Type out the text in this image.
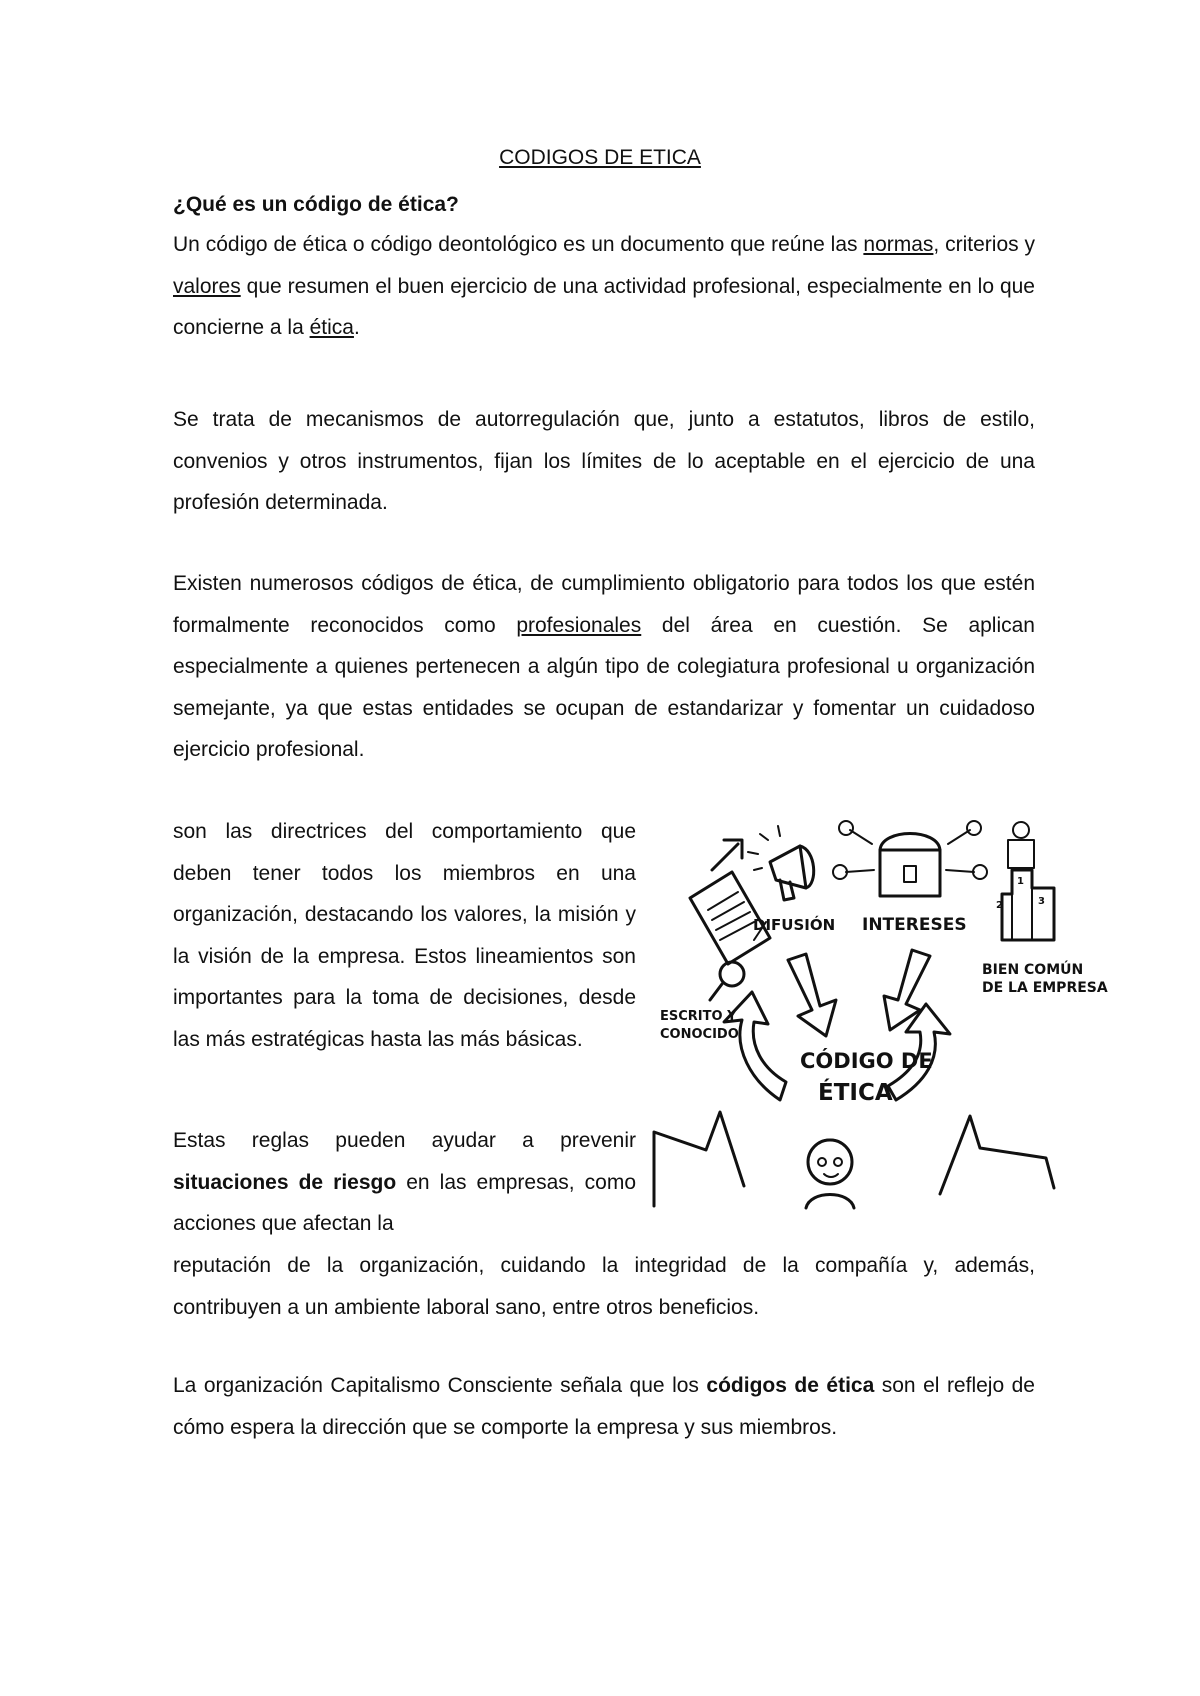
CODIGOS DE ETICA
¿Qué es un código de ética?

Un código de ética o código deontológico es un documento que reúne las normas, criterios y valores que resumen el buen ejercicio de una actividad profesional, especialmente en lo que concierne a la ética.

Se trata de mecanismos de autorregulación que, junto a estatutos, libros de estilo, convenios y otros instrumentos, fijan los límites de lo aceptable en el ejercicio de una profesión determinada.

Existen numerosos códigos de ética, de cumplimiento obligatorio para todos los que estén formalmente reconocidos como profesionales del área en cuestión. Se aplican especialmente a quienes pertenecen a algún tipo de colegiatura profesional u organización semejante, ya que estas entidades se ocupan de estandarizar y fomentar un cuidadoso ejercicio profesional.

son las directrices del comportamiento que deben tener todos los miembros en una organización, destacando los valores, la misión y la visión de la empresa. Estos lineamientos son importantes para la toma de decisiones, desde las más estratégicas hasta las más básicas.

Estas reglas pueden ayudar a prevenir situaciones de riesgo en las empresas, como acciones que afectan la

reputación de la organización, cuidando la integridad de la compañía y, además, contribuyen a un ambiente laboral sano, entre otros beneficios.

La organización Capitalismo Consciente señala que los códigos de ética son el reflejo de cómo espera la dirección que se comporte la empresa y sus miembros.

ESCRITO Y
CONOCIDO
DIFUSIÓN INTERESES
1
2	3
BIEN COMÚN
DE LA EMPRESA
CÓDIGO DE
ÉTICA
